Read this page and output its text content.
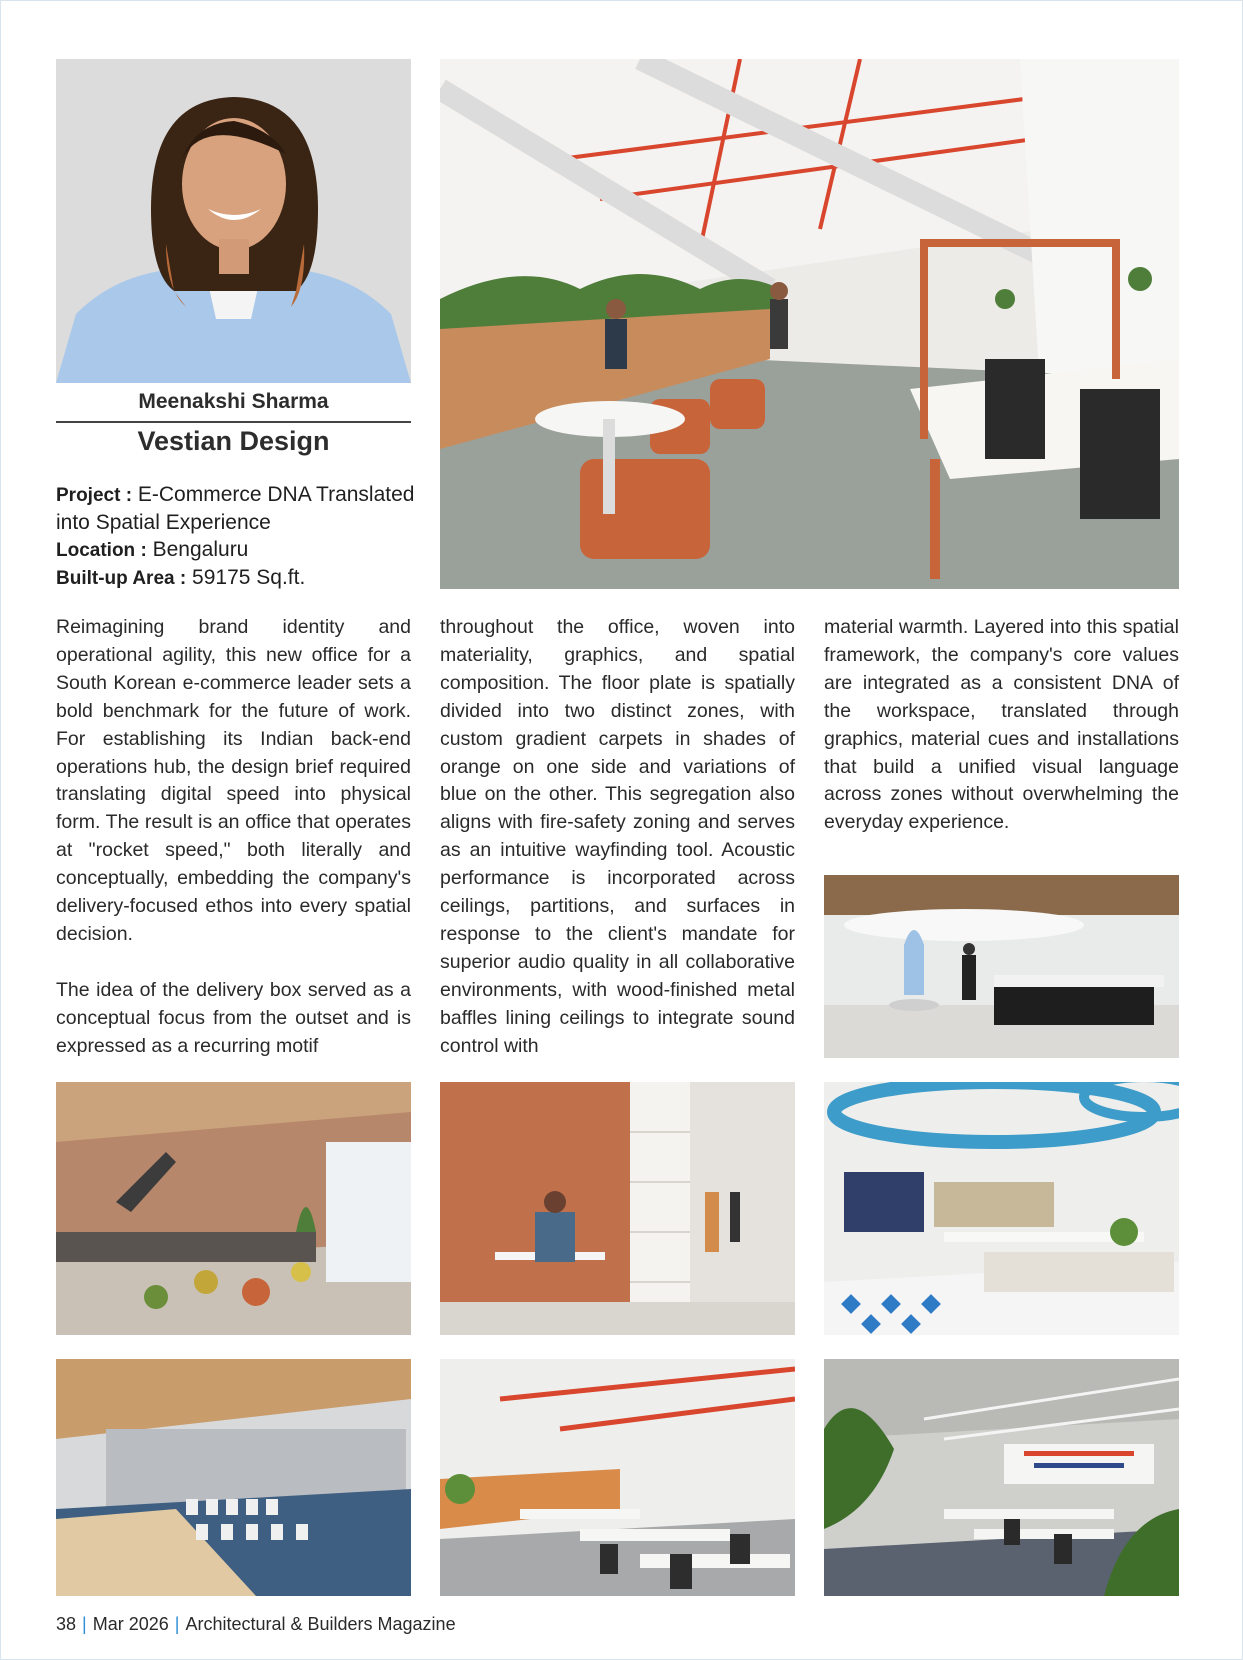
Meenakshi Sharma
Vestian Design
Project : E-Commerce DNA Translated into Spatial Experience
Location : Bengaluru
Built-up Area : 59175 Sq.ft.

Reimagining brand identity and operational agility, this new office for a South Korean e-commerce leader sets a bold benchmark for the future of work. For establishing its Indian back-end operations hub, the design brief required translating digital speed into physical form. The result is an office that operates at "rocket speed," both literally and conceptually, embedding the company's delivery-focused ethos into every spatial decision.

The idea of the delivery box served as a conceptual focus from the outset and is expressed as a recurring motif

throughout the office, woven into materiality, graphics, and spatial composition. The floor plate is spatially divided into two distinct zones, with custom gradient carpets in shades of orange on one side and variations of blue on the other. This segregation also aligns with fire-safety zoning and serves as an intuitive wayfinding tool. Acoustic performance is incorporated across ceilings, partitions, and surfaces in response to the client's mandate for superior audio quality in all collaborative environments, with wood-finished metal baffles lining ceilings to integrate sound control with

material warmth. Layered into this spatial framework, the company's core values are integrated as a consistent DNA of the workspace, translated through graphics, material cues and installations that build a unified visual language across zones without overwhelming the everyday experience.

38 | Mar 2026 | Architectural & Builders Magazine
